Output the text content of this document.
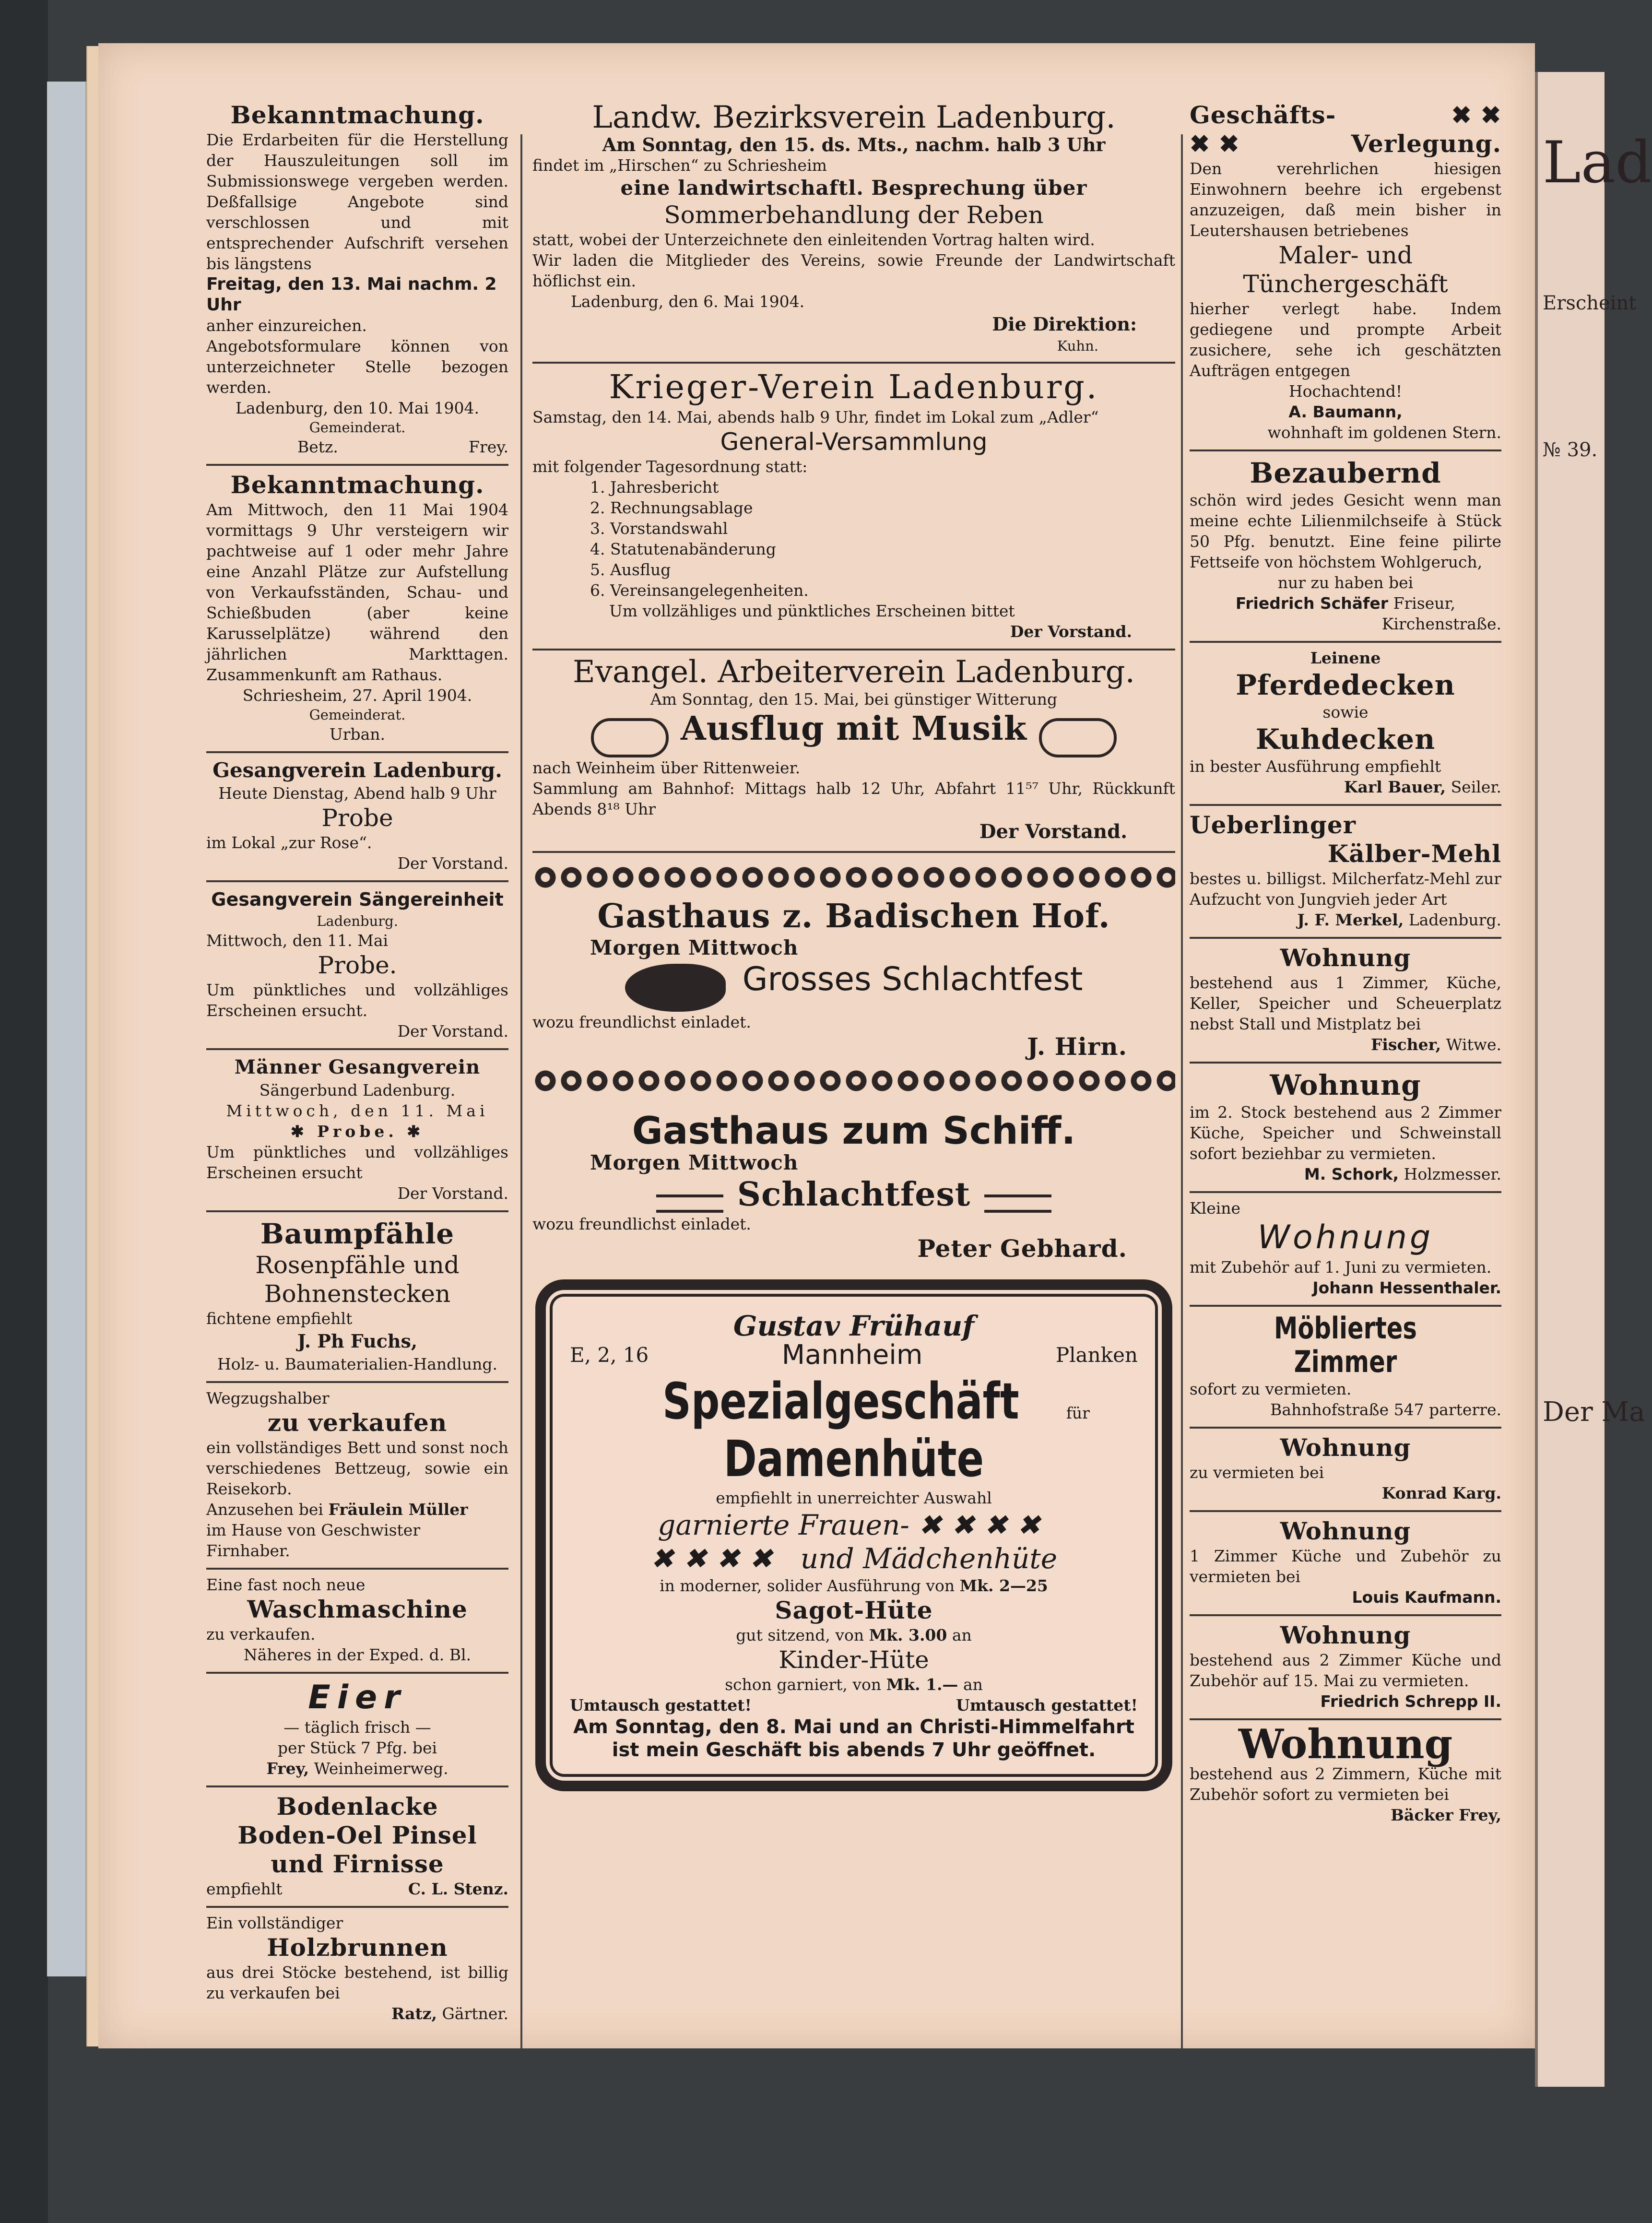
Bekanntmachung.
Die Erdarbeiten für die Herstellung der Hauszuleitungen soll im Submissionswege vergeben werden. Deßfallsige Angebote sind verschlossen und mit entsprechender Aufschrift versehen bis längstens
Freitag, den 13. Mai nachm. 2 Uhr
anher einzureichen.
Angebotsformulare können von unterzeichneter Stelle bezogen werden.
Ladenburg, den 10. Mai 1904.
Gemeinderat.
Betz.	Frey.
Bekanntmachung.
Am Mittwoch, den 11 Mai 1904 vormittags 9 Uhr versteigern wir pachtweise auf 1 oder mehr Jahre eine Anzahl Plätze zur Aufstellung von Verkaufsständen, Schau- und Schießbuden (aber keine Karusselplätze) während den jährlichen Markttagen. Zusammenkunft am Rathaus.
Schriesheim, 27. April 1904.
Gemeinderat.
Urban.
Gesangverein Ladenburg.
Heute Dienstag, Abend halb 9 Uhr
Probe
im Lokal „zur Rose“.
Der Vorstand.
Gesangverein Sängereinheit
Ladenburg.
Mittwoch, den 11. Mai
Probe.
Um pünktliches und vollzähliges Erscheinen ersucht.
Der Vorstand.
Männer Gesangverein
Sängerbund Ladenburg.
Mittwoch, den 11. Mai
✱ Probe. ✱
Um pünktliches und vollzähliges Erscheinen ersucht
Der Vorstand.
Baumpfähle
Rosenpfähle und
Bohnenstecken
fichtene empfiehlt
J. Ph Fuchs,
Holz- u. Baumaterialien-Handlung.
Wegzugshalber
zu verkaufen
ein vollständiges Bett und sonst noch verschiedenes Bettzeug, sowie ein Reisekorb.
Anzusehen bei Fräulein Müller
im Hause von Geschwister Firnhaber.
Eine fast noch neue
Waschmaschine
zu verkaufen.
Näheres in der Exped. d. Bl.
Eier
— täglich frisch —
per Stück 7 Pfg. bei
Frey, Weinheimerweg.
Bodenlacke
Boden-Oel Pinsel
und Firnisse
empfiehlt	C. L. Stenz.
Ein vollständiger
Holzbrunnen
aus drei Stöcke bestehend, ist billig zu verkaufen bei
Ratz, Gärtner.
Landw. Bezirksverein Ladenburg.
Am Sonntag, den 15. ds. Mts., nachm. halb 3 Uhr
findet im „Hirschen“ zu Schriesheim
eine landwirtschaftl. Besprechung über
Sommerbehandlung der Reben
statt, wobei der Unterzeichnete den einleitenden Vortrag halten wird.
Wir laden die Mitglieder des Vereins, sowie Freunde der Landwirtschaft höflichst ein.
Ladenburg, den 6. Mai 1904.
Die Direktion:
Kuhn.
Krieger-Verein Ladenburg.
Samstag, den 14. Mai, abends halb 9 Uhr, findet im Lokal zum „Adler“
General-Versammlung
mit folgender Tagesordnung statt:
1. Jahresbericht
2. Rechnungsablage
3. Vorstandswahl
4. Statutenabänderung
5. Ausflug
6. Vereinsangelegenheiten.
Um vollzähliges und pünktliches Erscheinen bittet
Der Vorstand.
Evangel. Arbeiterverein Ladenburg.
Am Sonntag, den 15. Mai, bei günstiger Witterung
Ausflug mit Musik
nach Weinheim über Rittenweier.
Sammlung am Bahnhof: Mittags halb 12 Uhr, Abfahrt 11⁵⁷ Uhr, Rückkunft Abends 8¹⁸ Uhr
Der Vorstand.
Gasthaus z. Badischen Hof.
Morgen Mittwoch
Grosses Schlachtfest
wozu freundlichst einladet.
J. Hirn.
Gasthaus zum Schiff.
Morgen Mittwoch
Schlachtfest
wozu freundlichst einladet.
Peter Gebhard.
Gustav Frühauf
E, 2, 16	Mannheim	Planken
Spezialgeschäft	für Damenhüte
empfiehlt in unerreichter Auswahl
garnierte Frauen- ✖✖✖✖
✖✖✖✖ und Mädchenhüte
in moderner, solider Ausführung von Mk. 2—25
Sagot-Hüte
gut sitzend, von Mk. 3.00 an
Kinder-Hüte
schon garniert, von Mk. 1.— an
Umtausch gestattet!	Umtausch gestattet!
Am Sonntag, den 8. Mai und an Christi-Himmelfahrt
ist mein Geschäft bis abends 7 Uhr geöffnet.
Geschäfts-	✖ ✖
✖ ✖	Verlegung.
Den verehrlichen hiesigen Einwohnern beehre ich ergebenst anzuzeigen, daß mein bisher in Leutershausen betriebenes
Maler- und
Tünchergeschäft
hierher verlegt habe. Indem gediegene und prompte Arbeit zusichere, sehe ich geschätzten Aufträgen entgegen
Hochachtend!
A. Baumann,
wohnhaft im goldenen Stern.
Bezaubernd
schön wird jedes Gesicht wenn man meine echte Lilienmilchseife à Stück 50 Pfg. benutzt. Eine feine pilirte Fettseife von höchstem Wohlgeruch,
nur zu haben bei
Friedrich Schäfer Friseur,
Kirchenstraße.
Leinene
Pferdedecken
sowie
Kuhdecken
in bester Ausführung empfiehlt
Karl Bauer, Seiler.
Ueberlinger
Kälber-Mehl
bestes u. billigst. Milcherfatz-Mehl zur Aufzucht von Jungvieh jeder Art
J. F. Merkel, Ladenburg.
Wohnung
bestehend aus 1 Zimmer, Küche, Keller, Speicher und Scheuerplatz nebst Stall und Mistplatz bei
Fischer, Witwe.
Wohnung
im 2. Stock bestehend aus 2 Zimmer Küche, Speicher und Schweinstall sofort beziehbar zu vermieten.
M. Schork, Holzmesser.
Kleine
Wohnung
mit Zubehör auf 1. Juni zu vermieten.
Johann Hessenthaler.
Möbliertes Zimmer
sofort zu vermieten.
Bahnhofstraße 547 parterre.
Wohnung
zu vermieten bei
Konrad Karg.
Wohnung
1 Zimmer Küche und Zubehör zu vermieten bei
Louis Kaufmann.
Wohnung
bestehend aus 2 Zimmer Küche und Zubehör auf 15. Mai zu vermieten.
Friedrich Schrepp II.
Wohnung
bestehend aus 2 Zimmern, Küche mit Zubehör sofort zu vermieten bei
Bäcker Frey,
Lad
Erscheint
№ 39.
Der Ma
